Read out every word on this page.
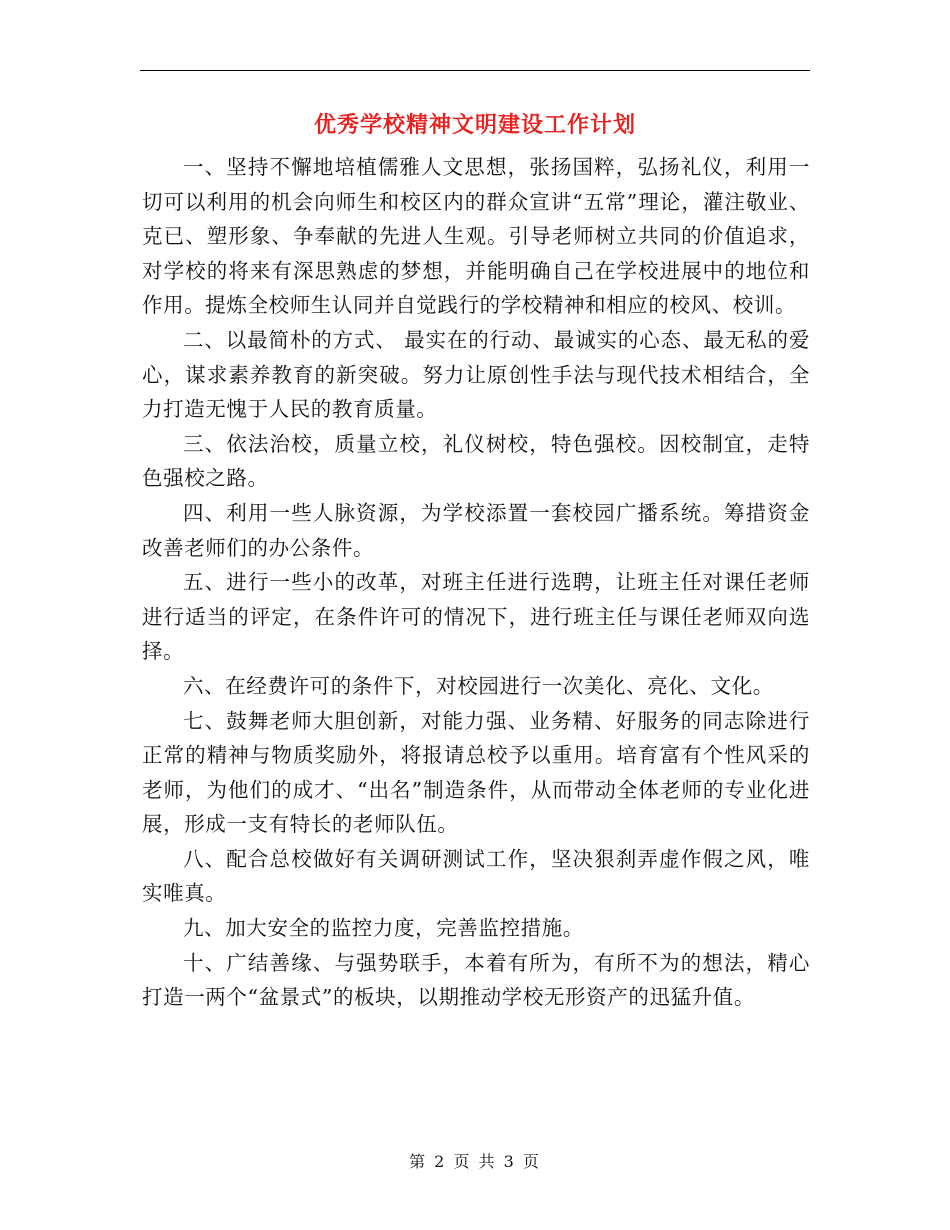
优秀学校精神文明建设工作计划

一、坚持不懈地培植儒雅人文思想，张扬国粹，弘扬礼仪，利用一切可以利用的机会向师生和校区内的群众宣讲“五常”理论，灌注敬业、克已、塑形象、争奉献的先进人生观。引导老师树立共同的价值追求，对学校的将来有深思熟虑的梦想，并能明确自己在学校进展中的地位和作用。提炼全校师生认同并自觉践行的学校精神和相应的校风、校训。

二、以最简朴的方式、 最实在的行动、最诚实的心态、最无私的爱心，谋求素养教育的新突破。努力让原创性手法与现代技术相结合，全力打造无愧于人民的教育质量。

三、依法治校，质量立校，礼仪树校，特色强校。因校制宜，走特色强校之路。

四、利用一些人脉资源，为学校添置一套校园广播系统。筹措资金改善老师们的办公条件。

五、进行一些小的改革，对班主任进行选聘，让班主任对课任老师进行适当的评定，在条件许可的情况下，进行班主任与课任老师双向选择。

六、在经费许可的条件下，对校园进行一次美化、亮化、文化。

七、鼓舞老师大胆创新，对能力强、业务精、好服务的同志除进行正常的精神与物质奖励外，将报请总校予以重用。培育富有个性风采的老师，为他们的成才、“出名”制造条件，从而带动全体老师的专业化进展，形成一支有特长的老师队伍。

八、配合总校做好有关调研测试工作，坚决狠刹弄虚作假之风，唯实唯真。

九、加大安全的监控力度，完善监控措施。

十、广结善缘、与强势联手，本着有所为，有所不为的想法，精心打造一两个“盆景式”的板块，以期推动学校无形资产的迅猛升值。

第 2 页 共 3 页
